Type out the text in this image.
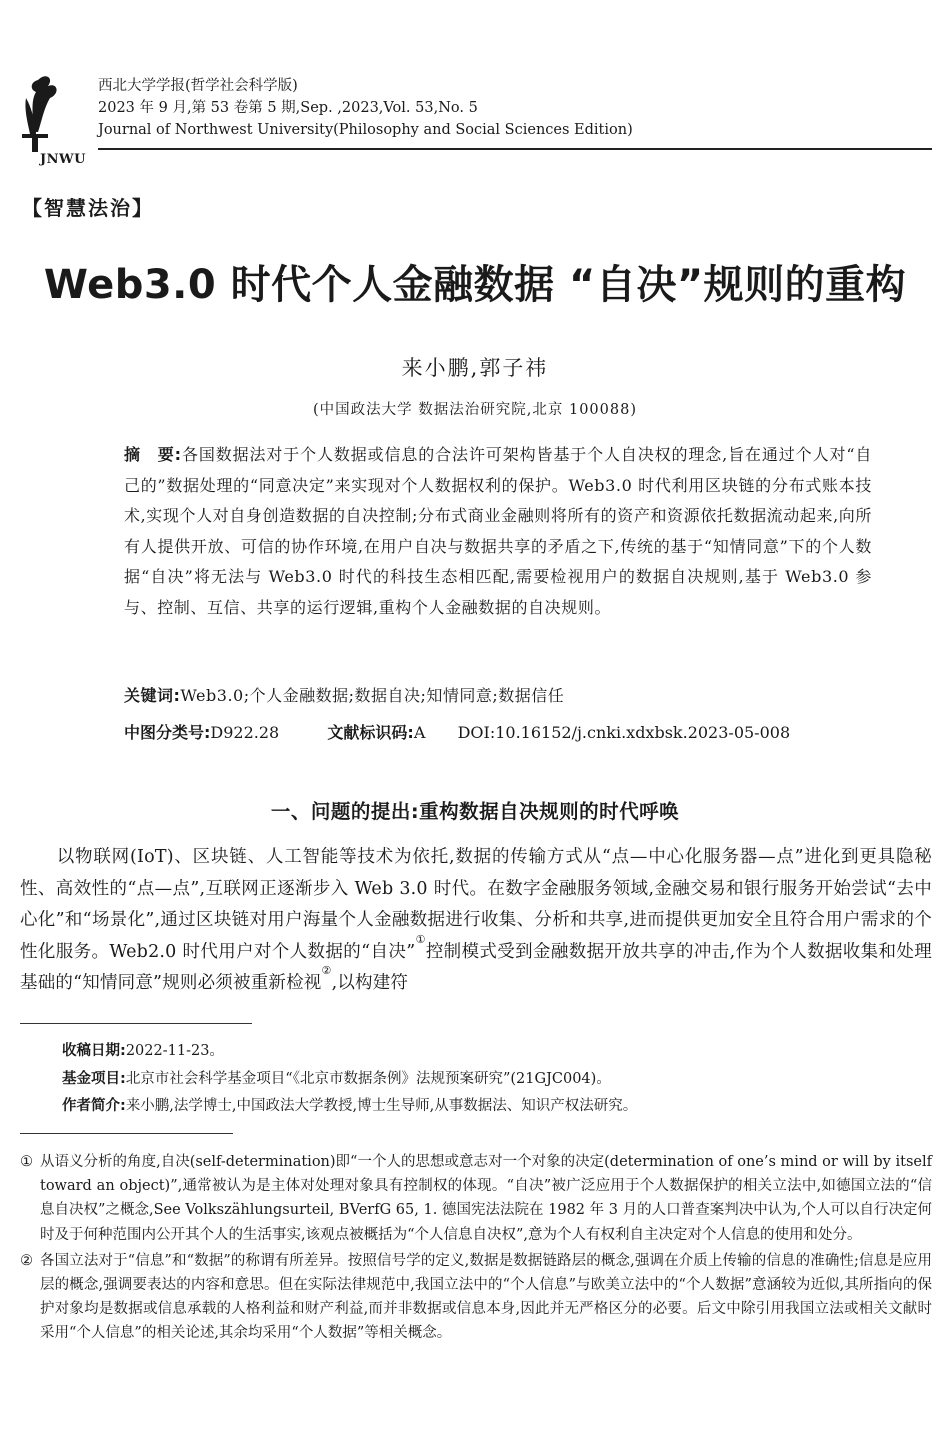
JNWU
西北大学学报(哲学社会科学版)
2023 年 9 月,第 53 卷第 5 期,Sep. ,2023,Vol. 53,No. 5
Journal of Northwest University(Philosophy and Social Sciences Edition)
【智慧法治】
Web3.0 时代个人金融数据 “自决”规则的重构
来小鹏,郭子祎
(中国政法大学 数据法治研究院,北京 100088)
摘　要:各国数据法对于个人数据或信息的合法许可架构皆基于个人自决权的理念,旨在通过个人对“自己的”数据处理的“同意决定”来实现对个人数据权利的保护。Web3.0 时代利用区块链的分布式账本技术,实现个人对自身创造数据的自决控制;分布式商业金融则将所有的资产和资源依托数据流动起来,向所有人提供开放、可信的协作环境,在用户自决与数据共享的矛盾之下,传统的基于“知情同意”下的个人数据“自决”将无法与 Web3.0 时代的科技生态相匹配,需要检视用户的数据自决规则,基于 Web3.0 参与、控制、互信、共享的运行逻辑,重构个人金融数据的自决规则。
关键词:Web3.0;个人金融数据;数据自决;知情同意;数据信任
中图分类号:D922.28	文献标识码:A DOI:10.16152/j.cnki.xdxbsk.2023-05-008
一、问题的提出:重构数据自决规则的时代呼唤
以物联网(IoT)、区块链、人工智能等技术为依托,数据的传输方式从“点—中心化服务器—点”进化到更具隐秘性、高效性的“点—点”,互联网正逐渐步入 Web 3.0 时代。在数字金融服务领域,金融交易和银行服务开始尝试“去中心化”和“场景化”,通过区块链对用户海量个人金融数据进行收集、分析和共享,进而提供更加安全且符合用户需求的个性化服务。Web2.0 时代用户对个人数据的“自决”①控制模式受到金融数据开放共享的冲击,作为个人数据收集和处理基础的“知情同意”规则必须被重新检视②,以构建符
收稿日期:2022-11-23。
基金项目:北京市社会科学基金项目“《北京市数据条例》法规预案研究”(21GJC004)。
作者简介:来小鹏,法学博士,中国政法大学教授,博士生导师,从事数据法、知识产权法研究。
① 从语义分析的角度,自决(self-determination)即“一个人的思想或意志对一个对象的决定(determination of one’s mind or will by itself toward an object)”,通常被认为是主体对处理对象具有控制权的体现。“自决”被广泛应用于个人数据保护的相关立法中,如德国立法的“信息自决权”之概念,See Volkszählungsurteil, BVerfG 65, 1. 德国宪法法院在 1982 年 3 月的人口普查案判决中认为,个人可以自行决定何时及于何种范围内公开其个人的生活事实,该观点被概括为“个人信息自决权”,意为个人有权利自主决定对个人信息的使用和处分。
② 各国立法对于“信息”和“数据”的称谓有所差异。按照信号学的定义,数据是数据链路层的概念,强调在介质上传输的信息的准确性;信息是应用层的概念,强调要表达的内容和意思。但在实际法律规范中,我国立法中的“个人信息”与欧美立法中的“个人数据”意涵较为近似,其所指向的保护对象均是数据或信息承载的人格利益和财产利益,而并非数据或信息本身,因此并无严格区分的必要。后文中除引用我国立法或相关文献时采用“个人信息”的相关论述,其余均采用“个人数据”等相关概念。
